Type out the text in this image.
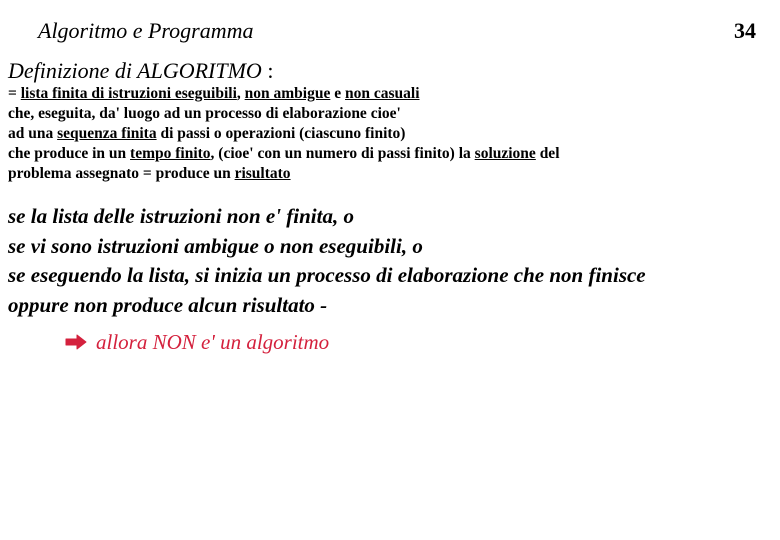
Algoritmo e Programma	34
Definizione di ALGORITMO :
= lista finita di istruzioni eseguibili, non ambigue e non casuali
che, eseguita, da' luogo ad un processo di elaborazione cioe'
ad una sequenza finita di passi o operazioni (ciascuno finito)
che produce in un tempo finito, (cioe' con un numero di passi finito) la soluzione del
problema assegnato = produce un risultato
se la lista delle istruzioni non e' finita, o
se vi sono istruzioni ambigue o non eseguibili, o
se eseguendo la lista, si inizia un processo di elaborazione che non finisce
oppure non produce alcun risultato -
allora NON e' un algoritmo
